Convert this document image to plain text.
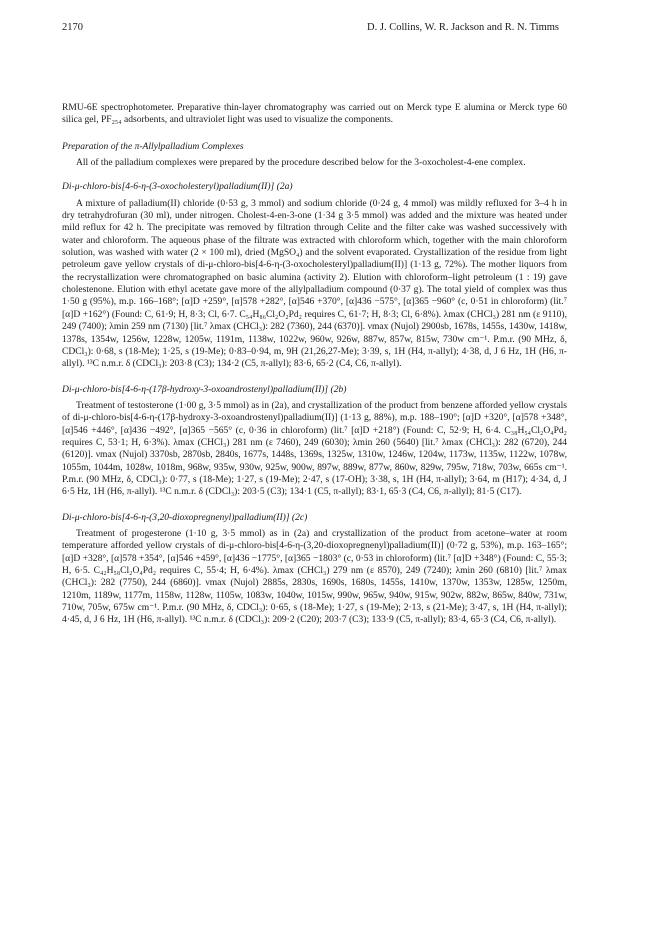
2170	D. J. Collins, W. R. Jackson and R. N. Timms

RMU-6E spectrophotometer. Preparative thin-layer chromatography was carried out on Merck type E alumina or Merck type 60 silica gel, PF₂₅₄ adsorbents, and ultraviolet light was used to visualize the components.

Preparation of the π-Allylpalladium Complexes

All of the palladium complexes were prepared by the procedure described below for the 3-oxocholest-4-ene complex.

Di-μ-chloro-bis[4-6-η-(3-oxocholesteryl)palladium(II)] (2a)

A mixture of palladium(II) chloride (0·53 g, 3 mmol) and sodium chloride (0·24 g, 4 mmol) was mildly refluxed for 3–4 h in dry tetrahydrofuran (30 ml), under nitrogen. Cholest-4-en-3-one (1·34 g 3·5 mmol) was added and the mixture was heated under mild reflux for 42 h. The precipitate was removed by filtration through Celite and the filter cake was washed successively with water and chloroform. The aqueous phase of the filtrate was extracted with chloroform which, together with the main chloroform solution, was washed with water (2 × 100 ml), dried (MgSO₄) and the solvent evaporated. Crystallization of the residue from light petroleum gave yellow crystals of di-μ-chloro-bis[4-6-η-(3-oxocholesteryl)palladium(II)] (1·13 g, 72%). The mother liquors from the recrystallization were chromatographed on basic alumina (activity 2). Elution with chloroform–light petroleum (1 : 19) gave cholestenone. Elution with ethyl acetate gave more of the allylpalladium compound (0·37 g). The total yield of complex was thus 1·50 g (95%), m.p. 166–168°; [α]D +259°, [α]578 +282°, [α]546 +370°, [α]436 −575°, [α]365 −960° (c, 0·51 in chloroform) (lit.⁷ [α]D +162°) (Found: C, 61·9; H, 8·3; Cl, 6·7. C₅₄H₈₆Cl₂O₂Pd₂ requires C, 61·7; H, 8·3; Cl, 6·8%). λmax (CHCl₃) 281 nm (ε 9110), 249 (7400); λmin 259 nm (7130) [lit.⁷ λmax (CHCl₃): 282 (7360), 244 (6370)]. νmax (Nujol) 2900sb, 1678s, 1455s, 1430w, 1418w, 1378s, 1354w, 1256w, 1228w, 1205w, 1191m, 1138w, 1022w, 960w, 926w, 887w, 857w, 815w, 730w cm⁻¹. P.m.r. (90 MHz, δ, CDCl₃): 0·68, s (18-Me); 1·25, s (19-Me); 0·83–0·94, m, 9H (21,26,27-Me); 3·39, s, 1H (H4, π-allyl); 4·38, d, J 6 Hz, 1H (H6, π-allyl). ¹³C n.m.r. δ (CDCl₃): 203·8 (C3); 134·2 (C5, π-allyl); 83·6, 65·2 (C4, C6, π-allyl).

Di-μ-chloro-bis[4-6-η-(17β-hydroxy-3-oxoandrostenyl)palladium(II)] (2b)

Treatment of testosterone (1·00 g, 3·5 mmol) as in (2a), and crystallization of the product from benzene afforded yellow crystals of di-μ-chloro-bis[4-6-η-(17β-hydroxy-3-oxoandrostenyl)palladium(II)] (1·13 g, 88%), m.p. 188–190°; [α]D +320°, [α]578 +348°, [α]546 +446°, [α]436 −492°, [α]365 −565° (c, 0·36 in chloroform) (lit.⁷ [α]D +218°) (Found: C, 52·9; H, 6·4. C₃₈H₅₄Cl₂O₄Pd₂ requires C, 53·1; H, 6·3%). λmax (CHCl₃) 281 nm (ε 7460), 249 (6030); λmin 260 (5640) [lit.⁷ λmax (CHCl₃): 282 (6720), 244 (6120)]. νmax (Nujol) 3370sb, 2870sb, 2840s, 1677s, 1448s, 1369s, 1325w, 1310w, 1246w, 1204w, 1173w, 1135w, 1122w, 1078w, 1055m, 1044m, 1028w, 1018m, 968w, 935w, 930w, 925w, 900w, 897w, 889w, 877w, 860w, 829w, 795w, 718w, 703w, 665s cm⁻¹. P.m.r. (90 MHz, δ, CDCl₃): 0·77, s (18-Me); 1·27, s (19-Me); 2·47, s (17-OH); 3·38, s, 1H (H4, π-allyl); 3·64, m (H17); 4·34, d, J 6·5 Hz, 1H (H6, π-allyl). ¹³C n.m.r. δ (CDCl₃): 203·5 (C3); 134·1 (C5, π-allyl); 83·1, 65·3 (C4, C6, π-allyl); 81·5 (C17).

Di-μ-chloro-bis[4-6-η-(3,20-dioxopregnenyl)palladium(II)] (2c)

Treatment of progesterone (1·10 g, 3·5 mmol) as in (2a) and crystallization of the product from acetone–water at room temperature afforded yellow crystals of di-μ-chloro-bis[4-6-η-(3,20-dioxopregnenyl)palladium(II)] (0·72 g, 53%), m.p. 163–165°; [α]D +328°, [α]578 +354°, [α]546 +459°, [α]436 −1775°, [α]365 −1803° (c, 0·53 in chloroform) (lit.⁷ [α]D +348°) (Found: C, 55·3; H, 6·5. C₄₂H₅₈Cl₂O₄Pd₂ requires C, 55·4; H, 6·4%). λmax (CHCl₃) 279 nm (ε 8570), 249 (7240); λmin 260 (6810) [lit.⁷ λmax (CHCl₃): 282 (7750), 244 (6860)]. νmax (Nujol) 2885s, 2830s, 1690s, 1680s, 1455s, 1410w, 1370w, 1353w, 1285w, 1250m, 1210m, 1189w, 1177m, 1158w, 1128w, 1105w, 1083w, 1040w, 1015w, 990w, 965w, 940w, 915w, 902w, 882w, 865w, 840w, 731w, 710w, 705w, 675w cm⁻¹. P.m.r. (90 MHz, δ, CDCl₃): 0·65, s (18-Me); 1·27, s (19-Me); 2·13, s (21-Me); 3·47, s, 1H (H4, π-allyl); 4·45, d, J 6 Hz, 1H (H6, π-allyl). ¹³C n.m.r. δ (CDCl₃): 209·2 (C20); 203·7 (C3); 133·9 (C5, π-allyl); 83·4, 65·3 (C4, C6, π-allyl).
